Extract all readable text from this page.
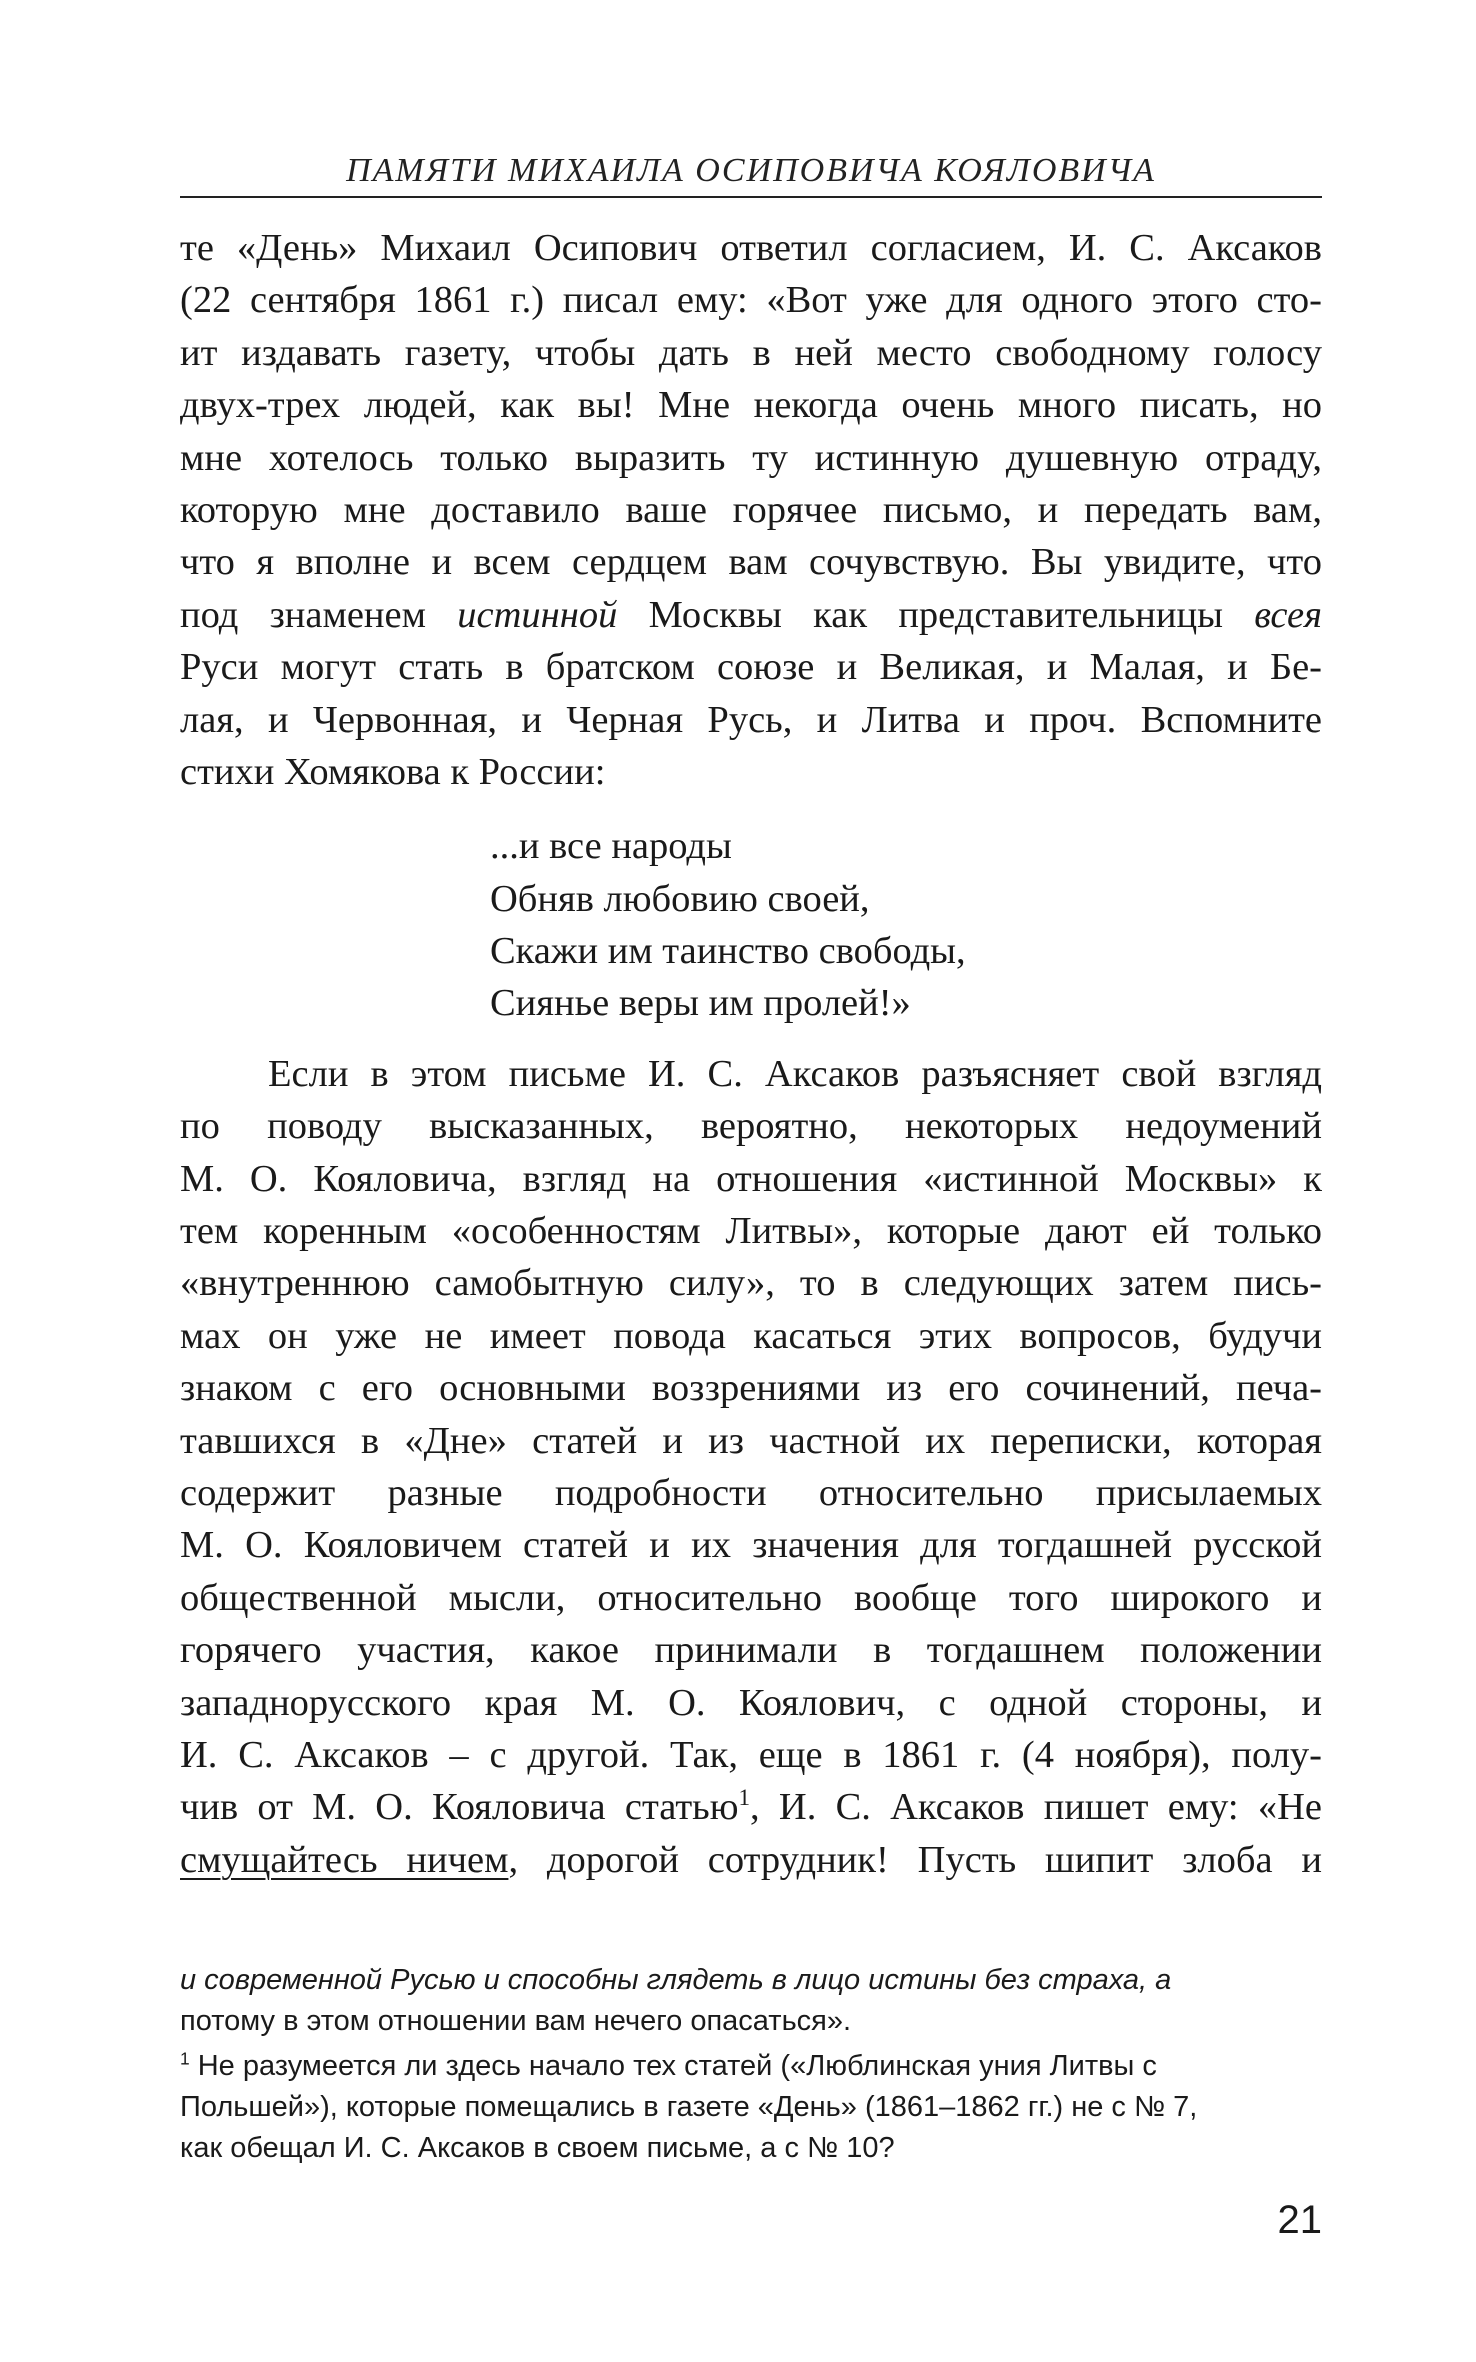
ПАМЯТИ МИХАИЛА ОСИПОВИЧА КОЯЛОВИЧА
те «День» Михаил Осипович ответил согласием, И. С. Аксаков
(22 сентября 1861 г.) писал ему: «Вот уже для одного этого сто-
ит издавать газету, чтобы дать в ней место свободному голосу
двух-трех людей, как вы! Мне некогда очень много писать, но
мне хотелось только выразить ту истинную душевную отраду,
которую мне доставило ваше горячее письмо, и передать вам,
что я вполне и всем сердцем вам сочувствую. Вы увидите, что
под знаменем истинной Москвы как представительницы всея
Руси могут стать в братском союзе и Великая, и Малая, и Бе-
лая, и Червонная, и Черная Русь, и Литва и проч. Вспомните
стихи Хомякова к России:
...и все народы
Обняв любовию своей,
Скажи им таинство свободы,
Сиянье веры им пролей!»
Если в этом письме И. С. Аксаков разъясняет свой взгляд
по поводу высказанных, вероятно, некоторых недоумений
М. О. Кояловича, взгляд на отношения «истинной Москвы» к
тем коренным «особенностям Литвы», которые дают ей только
«внутреннюю самобытную силу», то в следующих затем пись-
мах он уже не имеет повода касаться этих вопросов, будучи
знаком с его основными воззрениями из его сочинений, печа-
тавшихся в «Дне» статей и из частной их переписки, которая
содержит разные подробности относительно присылаемых
М. О. Кояловичем статей и их значения для тогдашней русской
общественной мысли, относительно вообще того широкого и
горячего участия, какое принимали в тогдашнем положении
западнорусского края М. О. Коялович, с одной стороны, и
И. С. Аксаков – с другой. Так, еще в 1861 г. (4 ноября), полу-
чив от М. О. Кояловича статью$^1$, И. С. Аксаков пишет ему: «Не
смущайтесь ничем, дорогой сотрудник! Пусть шипит злоба и
и современной Русью и способны глядеть в лицо истины без страха, а
потому в этом отношении вам нечего опасаться».
$^1$ Не разумеется ли здесь начало тех статей («Люблинская уния Литвы с
Польшей»), которые помещались в газете «День» (1861–1862 гг.) не с № 7,
как обещал И. С. Аксаков в своем письме, а с № 10?
21
